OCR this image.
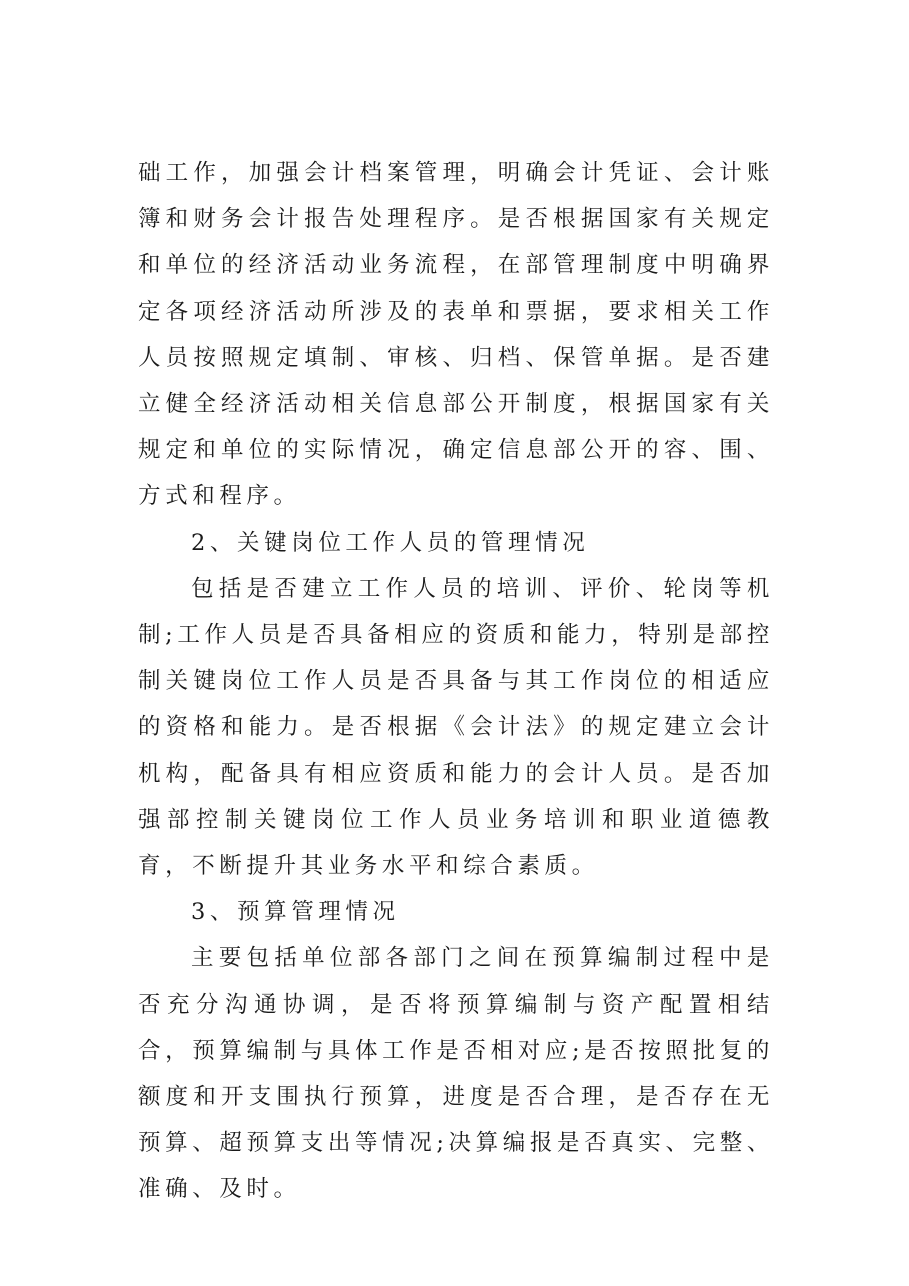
础工作，加强会计档案管理，明确会计凭证、会计账簿和财务会计报告处理程序。是否根据国家有关规定和单位的经济活动业务流程，在部管理制度中明确界定各项经济活动所涉及的表单和票据，要求相关工作人员按照规定填制、审核、归档、保管单据。是否建立健全经济活动相关信息部公开制度，根据国家有关规定和单位的实际情况，确定信息部公开的容、围、方式和程序。

2、关键岗位工作人员的管理情况

包括是否建立工作人员的培训、评价、轮岗等机制;工作人员是否具备相应的资质和能力，特别是部控制关键岗位工作人员是否具备与其工作岗位的相适应的资格和能力。是否根据《会计法》的规定建立会计机构，配备具有相应资质和能力的会计人员。是否加强部控制关键岗位工作人员业务培训和职业道德教育，不断提升其业务水平和综合素质。

3、预算管理情况

主要包括单位部各部门之间在预算编制过程中是否充分沟通协调，是否将预算编制与资产配置相结合，预算编制与具体工作是否相对应;是否按照批复的额度和开支围执行预算，进度是否合理，是否存在无预算、超预算支出等情况;决算编报是否真实、完整、准确、及时。
